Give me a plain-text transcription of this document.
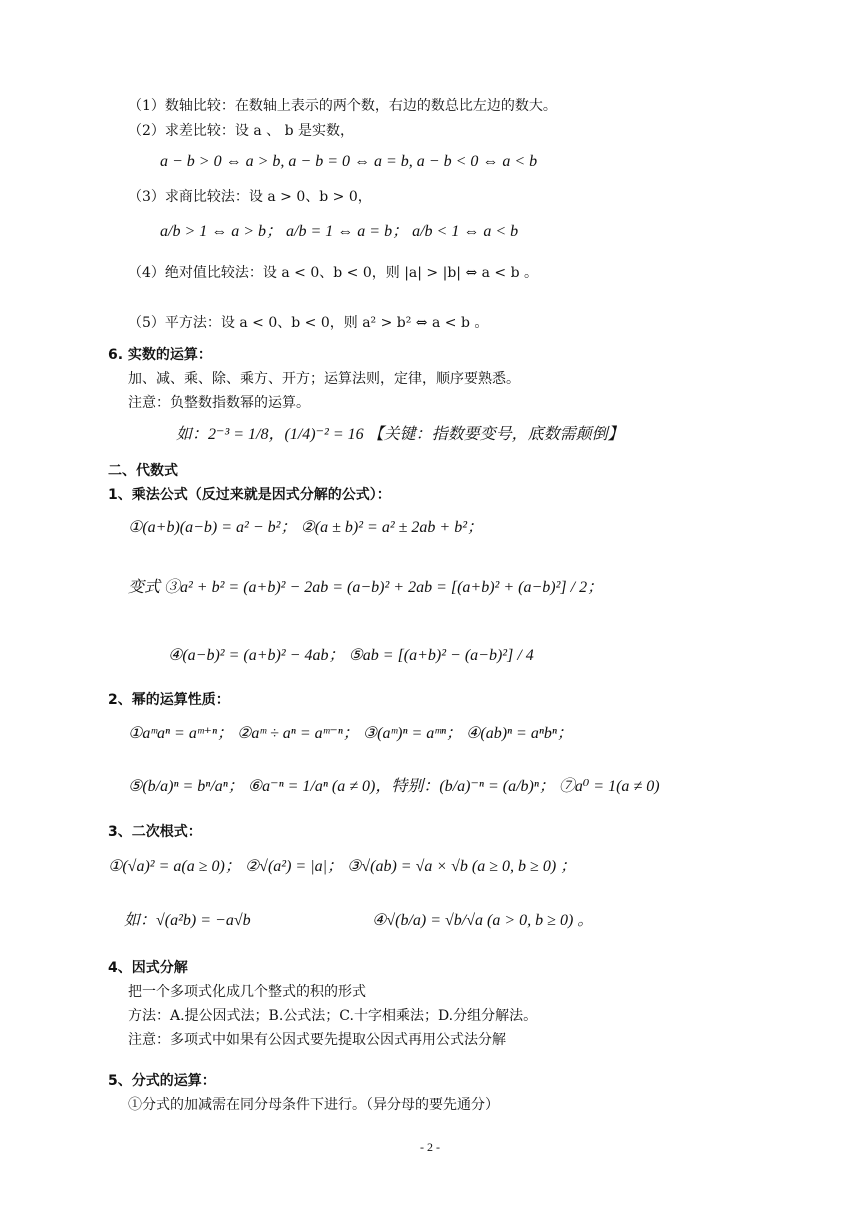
（1）数轴比较：在数轴上表示的两个数，右边的数总比左边的数大。
（2）求差比较：设 a 、 b 是实数，
a − b > 0 ⇔ a > b, a − b = 0 ⇔ a = b, a − b < 0 ⇔ a < b
（3）求商比较法：设 a > 0、b > 0，
a/b > 1 ⇔ a > b； a/b = 1 ⇔ a = b； a/b < 1 ⇔ a < b
（4）绝对值比较法：设 a < 0、b < 0，则 |a| > |b| ⇔ a < b 。
（5）平方法：设 a < 0、b < 0，则 a² > b² ⇔ a < b 。
6. 实数的运算：
加、减、乘、除、乘方、开方；运算法则，定律，顺序要熟悉。
注意：负整数指数幂的运算。
如：2⁻³ = 1/8，(1/4)⁻² = 16 【关键：指数要变号，底数需颠倒】
二、代数式
1、乘法公式（反过来就是因式分解的公式）：
①(a+b)(a−b) = a² − b²； ②(a ± b)² = a² ± 2ab + b²；
变式 ③a² + b² = (a+b)² − 2ab = (a−b)² + 2ab = [(a+b)² + (a−b)²] / 2；
④(a−b)² = (a+b)² − 4ab； ⑤ab = [(a+b)² − (a−b)²] / 4
2、幂的运算性质：
①aᵐaⁿ = aᵐ⁺ⁿ； ②aᵐ ÷ aⁿ = aᵐ⁻ⁿ； ③(aᵐ)ⁿ = aᵐⁿ； ④(ab)ⁿ = aⁿbⁿ；
⑤(b/a)ⁿ = bⁿ/aⁿ； ⑥a⁻ⁿ = 1/aⁿ (a ≠ 0)，特别：(b/a)⁻ⁿ = (a/b)ⁿ； ⑦a⁰ = 1(a ≠ 0)
3、二次根式：
①(√a)² = a(a ≥ 0)； ②√(a²) = |a|； ③√(ab) = √a × √b (a ≥ 0, b ≥ 0) ；
如：√(a²b) = −a√b	④√(b/a) = √b/√a (a > 0, b ≥ 0) 。
4、因式分解
把一个多项式化成几个整式的积的形式
方法：A.提公因式法；B.公式法；C.十字相乘法；D.分组分解法。
注意：多项式中如果有公因式要先提取公因式再用公式法分解
5、分式的运算：
①分式的加减需在同分母条件下进行。（异分母的要先通分）
- 2 -
